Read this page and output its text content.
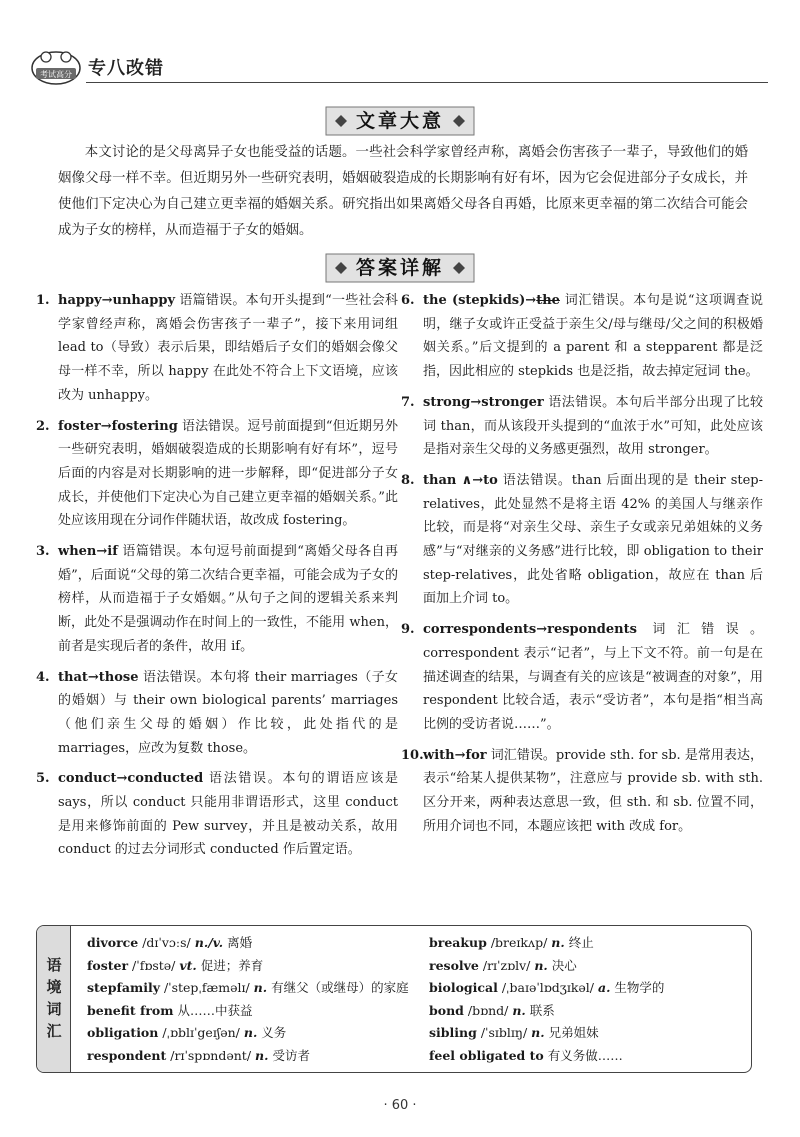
考试高分 专八改错
文章大意
本文讨论的是父母离异子女也能受益的话题。一些社会科学家曾经声称，离婚会伤害孩子一辈子，导致他们的婚姻像父母一样不幸。但近期另外一些研究表明，婚姻破裂造成的长期影响有好有坏，因为它会促进部分子女成长，并使他们下定决心为自己建立更幸福的婚姻关系。研究指出如果离婚父母各自再婚，比原来更幸福的第二次结合可能会成为子女的榜样，从而造福于子女的婚姻。
答案详解
1. happy→unhappy 语篇错误。本句开头提到“一些社会科学家曾经声称，离婚会伤害孩子一辈子”，接下来用词组 lead to（导致）表示后果，即结婚后子女们的婚姻会像父母一样不幸，所以 happy 在此处不符合上下文语境，应该改为 unhappy。
2. foster→fostering 语法错误。逗号前面提到“但近期另外一些研究表明，婚姻破裂造成的长期影响有好有坏”，逗号后面的内容是对长期影响的进一步解释，即“促进部分子女成长，并使他们下定决心为自己建立更幸福的婚姻关系。”此处应该用现在分词作伴随状语，故改成 fostering。
3. when→if 语篇错误。本句逗号前面提到“离婚父母各自再婚”，后面说“父母的第二次结合更幸福，可能会成为子女的榜样，从而造福于子女婚姻。”从句子之间的逻辑关系来判断，此处不是强调动作在时间上的一致性，不能用 when，前者是实现后者的条件，故用 if。
4. that→those 语法错误。本句将 their marriages（子女的婚姻）与 their own biological parents’ marriages（他们亲生父母的婚姻）作比较，此处指代的是 marriages，应改为复数 those。
5. conduct→conducted 语法错误。本句的谓语应该是 says，所以 conduct 只能用非谓语形式，这里 conduct 是用来修饰前面的 Pew survey，并且是被动关系，故用 conduct 的过去分词形式 conducted 作后置定语。
6. the (stepkids)→the 词汇错误。本句是说“这项调查说明，继子女或许正受益于亲生父/母与继母/父之间的积极婚姻关系。”后文提到的 a parent 和 a stepparent 都是泛指，因此相应的 stepkids 也是泛指，故去掉定冠词 the。
7. strong→stronger 语法错误。本句后半部分出现了比较词 than，而从该段开头提到的“血浓于水”可知，此处应该是指对亲生父母的义务感更强烈，故用 stronger。
8. than ∧→to 语法错误。than 后面出现的是 their step-relatives，此处显然不是将主语 42% 的美国人与继亲作比较，而是将“对亲生父母、亲生子女或亲兄弟姐妹的义务感”与“对继亲的义务感”进行比较，即 obligation to their step-relatives，此处省略 obligation，故应在 than 后面加上介词 to。
9. correspondents→respondents 词汇错误。correspondent 表示“记者”，与上下文不符。前一句是在描述调查的结果，与调查有关的应该是“被调查的对象”，用 respondent 比较合适，表示“受访者”，本句是指“相当高比例的受访者说……”。
10. with→for 词汇错误。provide sth. for sb. 是常用表达，表示“给某人提供某物”，注意应与 provide sb. with sth. 区分开来，两种表达意思一致，但 sth. 和 sb. 位置不同，所用介词也不同，本题应该把 with 改成 for。
语
境
词
汇
divorce /dɪˈvɔːs/ n./v. 离婚
foster /ˈfɒstə/ vt. 促进；养育
stepfamily /ˈstepˌfæməlɪ/ n. 有继父（或继母）的家庭
benefit from 从……中获益
obligation /ˌɒblɪˈgeɪʃən/ n. 义务
respondent /rɪˈspɒndənt/ n. 受访者
breakup /breɪkʌp/ n. 终止
resolve /rɪˈzɒlv/ n. 决心
biological /ˌbaɪəˈlɒdʒɪkəl/ a. 生物学的
bond /bɒnd/ n. 联系
sibling /ˈsɪblɪŋ/ n. 兄弟姐妹
feel obligated to 有义务做……
· 60 ·
